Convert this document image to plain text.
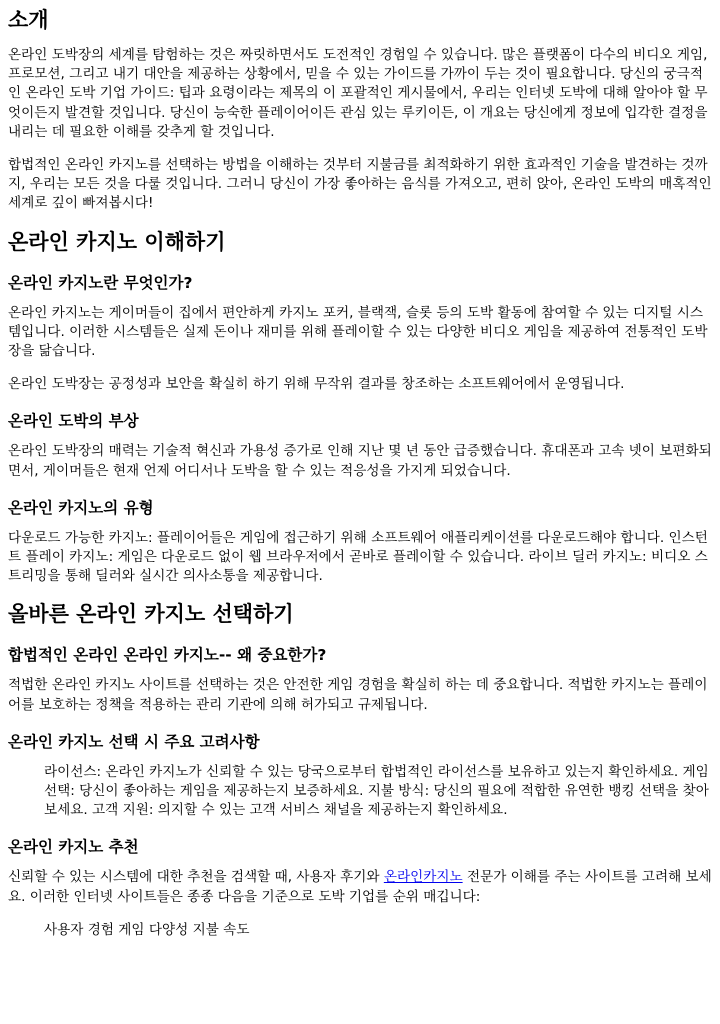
소개

온라인 도박장의 세계를 탐험하는 것은 짜릿하면서도 도전적인 경험일 수 있습니다. 많은 플랫폼이 다수의 비디오 게임, 프로모션, 그리고 내기 대안을 제공하는 상황에서, 믿을 수 있는 가이드를 가까이 두는 것이 필요합니다. 당신의 궁극적인 온라인 도박 기업 가이드: 팁과 요령이라는 제목의 이 포괄적인 게시물에서, 우리는 인터넷 도박에 대해 알아야 할 무엇이든지 발견할 것입니다. 당신이 능숙한 플레이어이든 관심 있는 루키이든, 이 개요는 당신에게 정보에 입각한 결정을 내리는 데 필요한 이해를 갖추게 할 것입니다.

합법적인 온라인 카지노를 선택하는 방법을 이해하는 것부터 지불금를 최적화하기 위한 효과적인 기술을 발견하는 것까지, 우리는 모든 것을 다룰 것입니다. 그러니 당신이 가장 좋아하는 음식를 가져오고, 편히 앉아, 온라인 도박의 매혹적인 세계로 깊이 빠져봅시다!

온라인 카지노 이해하기
온라인 카지노란 무엇인가?

온라인 카지노는 게이머들이 집에서 편안하게 카지노 포커, 블랙잭, 슬롯 등의 도박 활동에 참여할 수 있는 디지털 시스템입니다. 이러한 시스템들은 실제 돈이나 재미를 위해 플레이할 수 있는 다양한 비디오 게임을 제공하여 전통적인 도박장을 닮습니다.

온라인 도박장는 공정성과 보안을 확실히 하기 위해 무작위 결과를 창조하는 소프트웨어에서 운영됩니다.

온라인 도박의 부상

온라인 도박장의 매력는 기술적 혁신과 가용성 증가로 인해 지난 몇 년 동안 급증했습니다. 휴대폰과 고속 넷이 보편화되면서, 게이머들은 현재 언제 어디서나 도박을 할 수 있는 적응성을 가지게 되었습니다.

온라인 카지노의 유형

다운로드 가능한 카지노: 플레이어들은 게임에 접근하기 위해 소프트웨어 애플리케이션를 다운로드해야 합니다. 인스턴트 플레이 카지노: 게임은 다운로드 없이 웹 브라우저에서 곧바로 플레이할 수 있습니다. 라이브 딜러 카지노: 비디오 스트리밍을 통해 딜러와 실시간 의사소통을 제공합니다.

올바른 온라인 카지노 선택하기
합법적인 온라인 온라인 카지노-- 왜 중요한가?

적법한 온라인 카지노 사이트를 선택하는 것은 안전한 게임 경험을 확실히 하는 데 중요합니다. 적법한 카지노는 플레이어를 보호하는 정책을 적용하는 관리 기관에 의해 허가되고 규제됩니다.

온라인 카지노 선택 시 주요 고려사항

라이선스: 온라인 카지노가 신뢰할 수 있는 당국으로부터 합법적인 라이선스를 보유하고 있는지 확인하세요. 게임 선택: 당신이 좋아하는 게임을 제공하는지 보증하세요. 지불 방식: 당신의 필요에 적합한 유연한 뱅킹 선택을 찾아보세요. 고객 지원: 의지할 수 있는 고객 서비스 채널을 제공하는지 확인하세요.

온라인 카지노 추천

신뢰할 수 있는 시스템에 대한 추천을 검색할 때, 사용자 후기와 온라인카지노 전문가 이해를 주는 사이트를 고려해 보세요. 이러한 인터넷 사이트들은 종종 다음을 기준으로 도박 기업를 순위 매깁니다:

사용자 경험 게임 다양성 지불 속도
